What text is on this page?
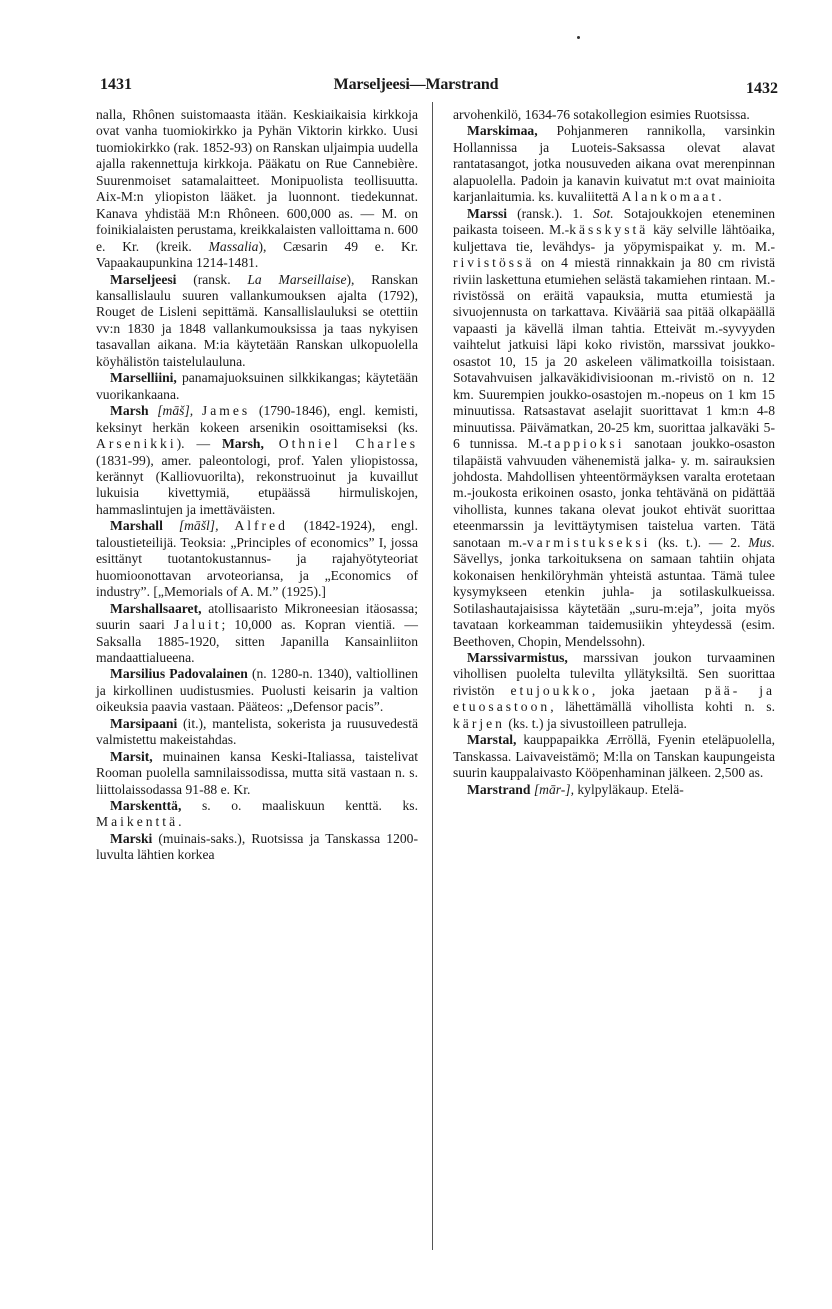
1431	Marseljeesi—Marstrand	1432

nalla, Rhônen suistomaasta itään. Keskiaikaisia kirkkoja ovat vanha tuomiokirkko ja Pyhän Viktorin kirkko. Uusi tuomiokirkko (rak. 1852-93) on Ranskan uljaimpia uudella ajalla rakennettuja kirkkoja. Pääkatu on Rue Cannebière. Suurenmoiset satamalaitteet. Monipuolista teollisuutta. Aix-M:n yliopiston lääket. ja luonnont. tiedekunnat. Kanava yhdistää M:n Rhôneen. 600,000 as. — M. on foinikialaisten perustama, kreikkalaisten valloittama n. 600 e. Kr. (kreik. Massalia), Cæsarin 49 e. Kr. Vapaakaupunkina 1214-1481.

Marseljeesi (ransk. La Marseillaise), Ranskan kansallislaulu suuren vallankumouksen ajalta (1792), Rouget de Lisleni sepittämä. Kansallislauluksi se otettiin vv:n 1830 ja 1848 vallankumouksissa ja taas nykyisen tasavallan aikana. M:ia käytetään Ranskan ulkopuolella köyhälistön taistelulauluna.

Marselliini, panamajuoksuinen silkkikangas; käytetään vuorikankaana.

Marsh [māš], James (1790-1846), engl. kemisti, keksinyt herkän kokeen arsenikin osoittamiseksi (ks. Arsenikki). — Marsh, Othniel Charles (1831-99), amer. paleontologi, prof. Yalen yliopistossa, kerännyt (Kalliovuorilta), rekonstruoinut ja kuvaillut lukuisia kivettymiä, etupäässä hirmuliskojen, hammaslintujen ja imettäväisten.

Marshall [māšl], Alfred (1842-1924), engl. taloustieteilijä. Teoksia: „Principles of economics” I, jossa esittänyt tuotantokustannus- ja rajahyötyteoriat huomioonottavan arvoteoriansa, ja „Economics of industry”. [„Memorials of A. M.” (1925).]

Marshallsaaret, atollisaaristo Mikroneesian itäosassa; suurin saari Jaluit; 10,000 as. Kopran vientiä. — Saksalla 1885-1920, sitten Japanilla Kansainliiton mandaattialueena.

Marsilius Padovalainen (n. 1280-n. 1340), valtiollinen ja kirkollinen uudistusmies. Puolusti keisarin ja valtion oikeuksia paavia vastaan. Pääteos: „Defensor pacis”.

Marsipaani (it.), mantelista, sokerista ja ruusuvedestä valmistettu makeistahdas.

Marsit, muinainen kansa Keski-Italiassa, taistelivat Rooman puolella samnilaissodissa, mutta sitä vastaan n. s. liittolaissodassa 91-88 e. Kr.

Marskenttä, s. o. maaliskuun kenttä. ks. Maikenttä.

Marski (muinais-saks.), Ruotsissa ja Tanskassa 1200-luvulta lähtien korkea

arvohenkilö, 1634-76 sotakollegion esimies Ruotsissa.

Marskimaa, Pohjanmeren rannikolla, varsinkin Hollannissa ja Luoteis-Saksassa olevat alavat rantatasangot, jotka nousuveden aikana ovat merenpinnan alapuolella. Padoin ja kanavin kuivatut m:t ovat mainioita karjanlaitumia. ks. kuvaliitettä Alankomaat.

Marssi (ransk.). 1. Sot. Sotajoukkojen eteneminen paikasta toiseen. M.-kässkystä käy selville lähtöaika, kuljettava tie, levähdys- ja yöpymispaikat y. m. M.-rivistössä on 4 miestä rinnakkain ja 80 cm rivistä riviin laskettuna etumiehen selästä takamiehen rintaan. M.-rivistössä on eräitä vapauksia, mutta etumiestä ja sivuojennusta on tarkattava. Kivääriä saa pitää olkapäällä vapaasti ja kävellä ilman tahtia. Etteivät m.-syvyyden vaihtelut jatkuisi läpi koko rivistön, marssivat joukko-osastot 10, 15 ja 20 askeleen välimatkoilla toisistaan. Sotavahvuisen jalkaväkidivisioonan m.-rivistö on n. 12 km. Suurempien joukko-osastojen m.-nopeus on 1 km 15 minuutissa. Ratsastavat aselajit suorittavat 1 km:n 4-8 minuutissa. Päivämatkan, 20-25 km, suorittaa jalkaväki 5-6 tunnissa. M.-tappioksi sanotaan joukko-osaston tilapäistä vahvuuden vähenemistä jalka- y. m. sairauksien johdosta. Mahdollisen yhteentörmäyksen varalta erotetaan m.-joukosta erikoinen osasto, jonka tehtävänä on pidättää vihollista, kunnes takana olevat joukot ehtivät suorittaa eteenmarssin ja levittäytymisen taistelua varten. Tätä sanotaan m.-varmistukseksi (ks. t.). — 2. Mus. Sävellys, jonka tarkoituksena on samaan tahtiin ohjata kokonaisen henkilöryhmän yhteistä astuntaa. Tämä tulee kysymykseen etenkin juhla- ja sotilaskulkueissa. Sotilashautajaisissa käytetään „suru-m:eja”, joita myös tavataan korkeamman taidemusiikin yhteydessä (esim. Beethoven, Chopin, Mendelssohn).

Marssivarmistus, marssivan joukon turvaaminen vihollisen puolelta tulevilta yllätyksiltä. Sen suorittaa rivistön etujoukko, joka jaetaan pää- ja etuosastoon, lähettämällä vihollista kohti n. s. kärjen (ks. t.) ja sivustoilleen patrulleja.

Marstal, kauppapaikka Ærröllä, Fyenin eteläpuolella, Tanskassa. Laivaveistämö; M:lla on Tanskan kaupungeista suurin kauppalaivasto Kööpenhaminan jälkeen. 2,500 as.

Marstrand [mār-], kylpyläkaup. Etelä-
